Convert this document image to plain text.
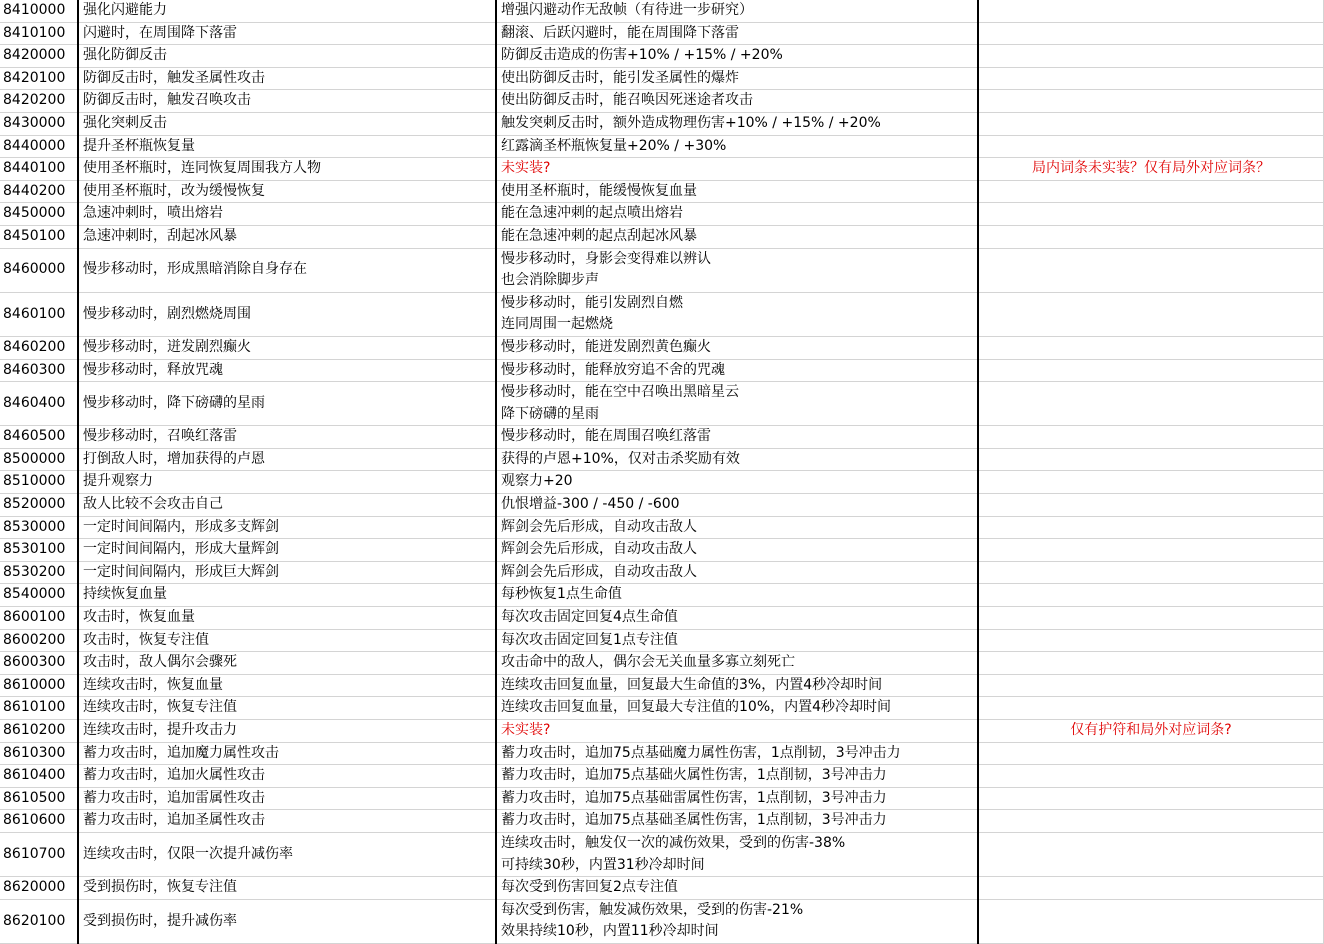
8410000	强化闪避能力	增强闪避动作无敌帧（有待进一步研究）	

8410100	闪避时，在周围降下落雷	翻滚、后跃闪避时，能在周围降下落雷	

8420000	强化防御反击	防御反击造成的伤害+10% / +15% / +20%	

8420100	防御反击时，触发圣属性攻击	使出防御反击时，能引发圣属性的爆炸	

8420200	防御反击时，触发召唤攻击	使出防御反击时，能召唤因死迷途者攻击	

8430000	强化突刺反击	触发突刺反击时，额外造成物理伤害+10% / +15% / +20%	

8440000	提升圣杯瓶恢复量	红露滴圣杯瓶恢复量+20% / +30%	

8440100	使用圣杯瓶时，连同恢复周围我方人物	未实装?	局内词条未实装？仅有局外对应词条？
8440200	使用圣杯瓶时，改为缓慢恢复	使用圣杯瓶时，能缓慢恢复血量	

8450000	急速冲刺时，喷出熔岩	能在急速冲刺的起点喷出熔岩	

8450100	急速冲刺时，刮起冰风暴	能在急速冲刺的起点刮起冰风暴	

8460000	慢步移动时，形成黑暗消除自身存在	慢步移动时，身影会变得难以辨认
也会消除脚步声	

8460100	慢步移动时，剧烈燃烧周围	慢步移动时，能引发剧烈自燃
连同周围一起燃烧	

8460200	慢步移动时，迸发剧烈癫火	慢步移动时，能迸发剧烈黄色癫火	

8460300	慢步移动时，释放咒魂	慢步移动时，能释放穷追不舍的咒魂	

8460400	慢步移动时，降下磅礴的星雨	慢步移动时，能在空中召唤出黑暗星云
降下磅礴的星雨	

8460500	慢步移动时，召唤红落雷	慢步移动时，能在周围召唤红落雷	

8500000	打倒敌人时，增加获得的卢恩	获得的卢恩+10%，仅对击杀奖励有效	

8510000	提升观察力	观察力+20	

8520000	敌人比较不会攻击自己	仇恨增益-300 / -450 / -600	

8530000	一定时间间隔内，形成多支辉剑	辉剑会先后形成，自动攻击敌人	

8530100	一定时间间隔内，形成大量辉剑	辉剑会先后形成，自动攻击敌人	

8530200	一定时间间隔内，形成巨大辉剑	辉剑会先后形成，自动攻击敌人	

8540000	持续恢复血量	每秒恢复1点生命值	

8600100	攻击时，恢复血量	每次攻击固定回复4点生命值	

8600200	攻击时，恢复专注值	每次攻击固定回复1点专注值	

8600300	攻击时，敌人偶尔会骤死	攻击命中的敌人，偶尔会无关血量多寡立刻死亡	

8610000	连续攻击时，恢复血量	连续攻击回复血量，回复最大生命值的3%，内置4秒冷却时间	

8610100	连续攻击时，恢复专注值	连续攻击回复血量，回复最大专注值的10%，内置4秒冷却时间	

8610200	连续攻击时，提升攻击力	未实装?	仅有护符和局外对应词条?
8610300	蓄力攻击时，追加魔力属性攻击	蓄力攻击时，追加75点基础魔力属性伤害，1点削韧，3号冲击力	

8610400	蓄力攻击时，追加火属性攻击	蓄力攻击时，追加75点基础火属性伤害，1点削韧，3号冲击力	

8610500	蓄力攻击时，追加雷属性攻击	蓄力攻击时，追加75点基础雷属性伤害，1点削韧，3号冲击力	

8610600	蓄力攻击时，追加圣属性攻击	蓄力攻击时，追加75点基础圣属性伤害，1点削韧，3号冲击力	

8610700	连续攻击时，仅限一次提升减伤率	连续攻击时，触发仅一次的减伤效果，受到的伤害-38%
可持续30秒，内置31秒冷却时间	

8620000	受到损伤时，恢复专注值	每次受到伤害回复2点专注值	

8620100	受到损伤时，提升减伤率	每次受到伤害，触发减伤效果，受到的伤害-21%
效果持续10秒，内置11秒冷却时间	
